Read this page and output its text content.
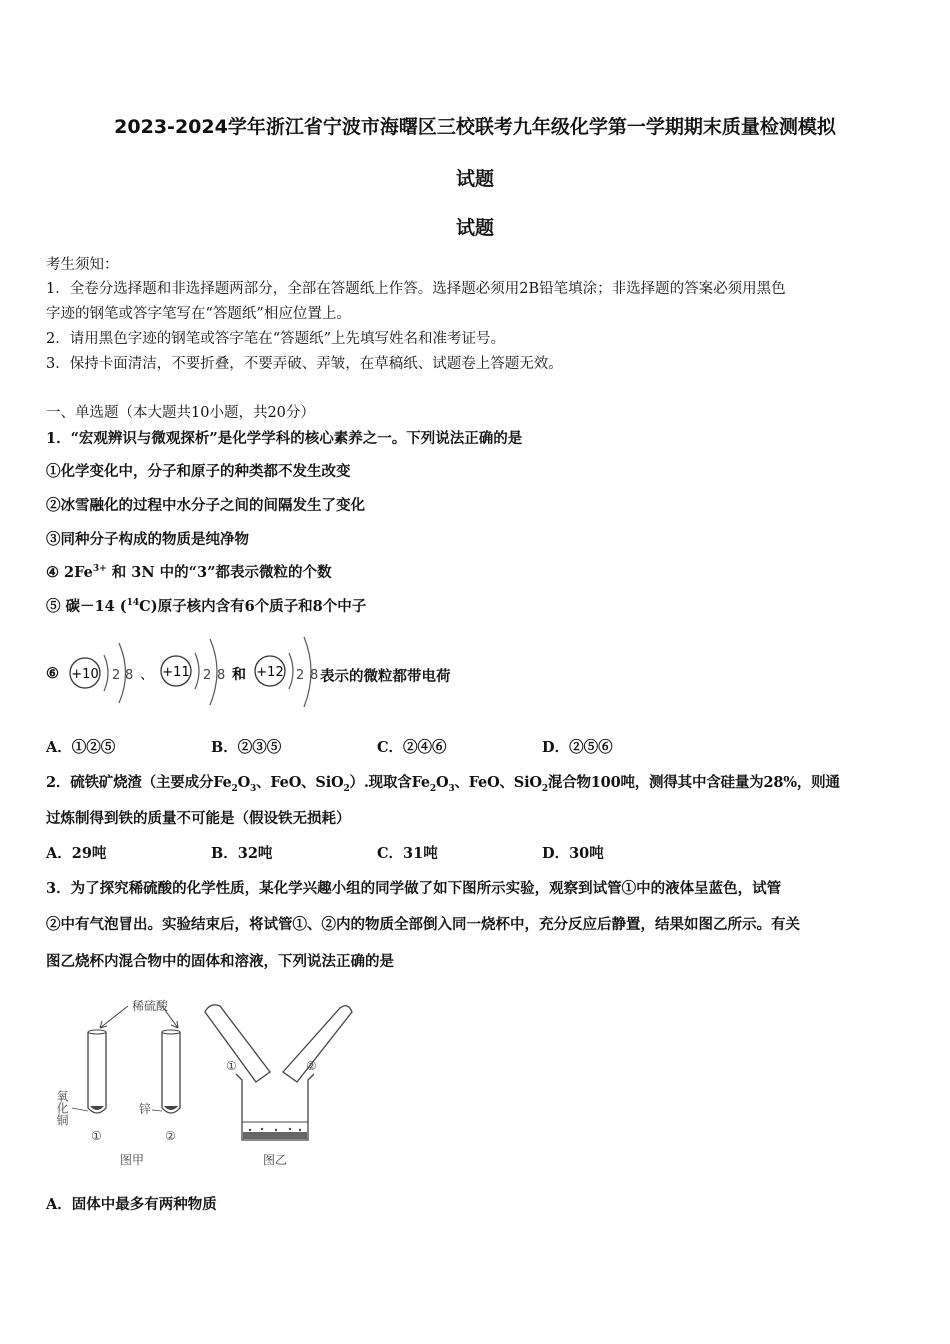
2023-2024学年浙江省宁波市海曙区三校联考九年级化学第一学期期末质量检测模拟
试题
试题
考生须知：
1．全卷分选择题和非选择题两部分，全部在答题纸上作答。选择题必须用2B铅笔填涂；非选择题的答案必须用黑色
字迹的钢笔或答字笔写在“答题纸”相应位置上。
2．请用黑色字迹的钢笔或答字笔在“答题纸”上先填写姓名和准考证号。
3．保持卡面清洁，不要折叠，不要弄破、弄皱，在草稿纸、试题卷上答题无效。
一、单选题（本大题共10小题，共20分）
1．“宏观辨识与微观探析”是化学学科的核心素养之一。下列说法正确的是
①化学变化中，分子和原子的种类都不发生改变
②冰雪融化的过程中水分子之间的间隔发生了变化
③同种分子构成的物质是纯净物
④ $2Fe^{3+}$ 和 3N 中的“3”都表示微粒的个数
⑤ 碳－14 ($^{14}$C)原子核内含有6个质子和8个中子
⑥ +10 2 8 、 +11 2 8 和 +12 2 8 表示的微粒都带电荷
A．①②⑤	B．②③⑤	C．②④⑥	D．②⑤⑥
2．硫铁矿烧渣（主要成分$Fe_2O_3$、FeO、SiO$_2$）.现取含$Fe_2O_3$、FeO、SiO$_2$混合物100吨，测得其中含硅量为28%，则通
过炼制得到铁的质量不可能是（假设铁无损耗）
A．29吨	B．32吨	C．31吨	D．30吨
3．为了探究稀硫酸的化学性质，某化学兴趣小组的同学做了如下图所示实验，观察到试管①中的液体呈蓝色，试管
②中有气泡冒出。实验结束后，将试管①、②内的物质全部倒入同一烧杯中，充分反应后静置，结果如图乙所示。有关
图乙烧杯内混合物中的固体和溶液，下列说法正确的是
稀硫酸
氧化铜	锌
①	②
图甲
①	②
图乙
A．固体中最多有两种物质
